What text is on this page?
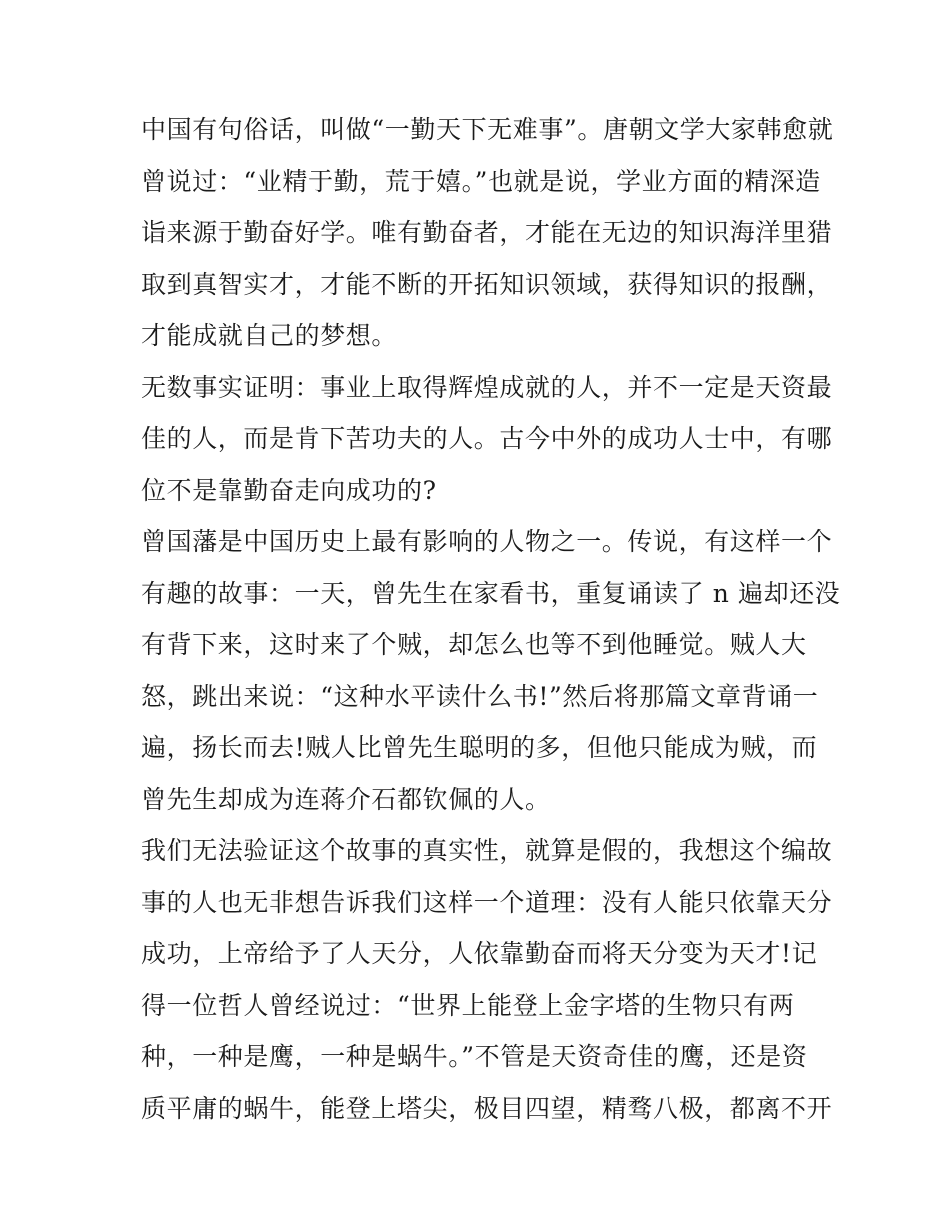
中国有句俗话，叫做“一勤天下无难事”。唐朝文学大家韩愈就
曾说过：“业精于勤，荒于嬉。”也就是说，学业方面的精深造
诣来源于勤奋好学。唯有勤奋者，才能在无边的知识海洋里猎
取到真智实才，才能不断的开拓知识领域，获得知识的报酬，
才能成就自己的梦想。
无数事实证明：事业上取得辉煌成就的人，并不一定是天资最
佳的人，而是肯下苦功夫的人。古今中外的成功人士中，有哪
位不是靠勤奋走向成功的?
曾国藩是中国历史上最有影响的人物之一。传说，有这样一个
有趣的故事：一天，曾先生在家看书，重复诵读了 n 遍却还没
有背下来，这时来了个贼，却怎么也等不到他睡觉。贼人大
怒，跳出来说：“这种水平读什么书!”然后将那篇文章背诵一
遍，扬长而去!贼人比曾先生聪明的多，但他只能成为贼，而
曾先生却成为连蒋介石都钦佩的人。
我们无法验证这个故事的真实性，就算是假的，我想这个编故
事的人也无非想告诉我们这样一个道理：没有人能只依靠天分
成功，上帝给予了人天分，人依靠勤奋而将天分变为天才!记
得一位哲人曾经说过：“世界上能登上金字塔的生物只有两
种，一种是鹰，一种是蜗牛。”不管是天资奇佳的鹰，还是资
质平庸的蜗牛，能登上塔尖，极目四望，精骛八极，都离不开
